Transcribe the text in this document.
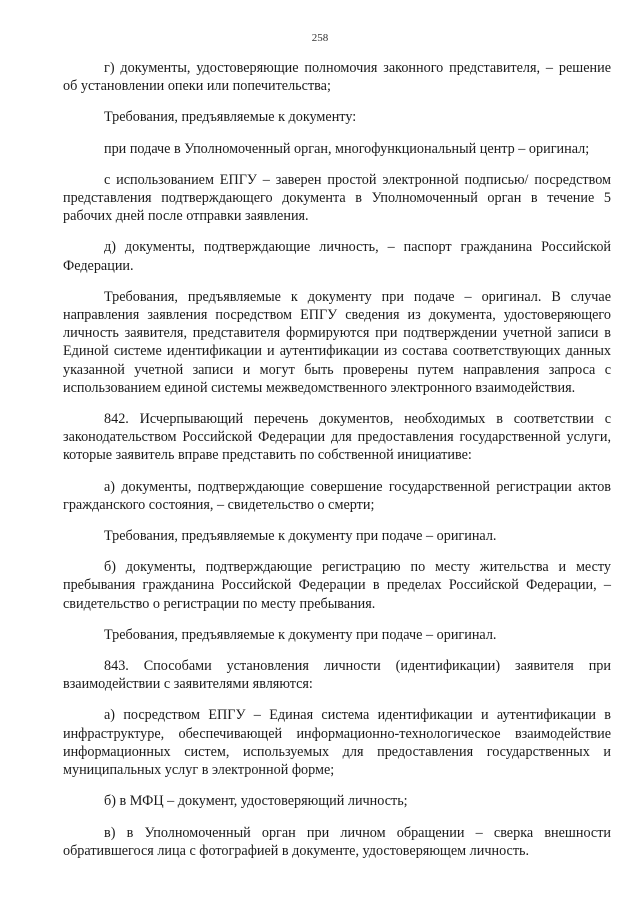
258

г) документы, удостоверяющие полномочия законного представителя, – решение об установлении опеки или попечительства;

Требования, предъявляемые к документу:

при подаче в Уполномоченный орган, многофункциональный центр – оригинал;

с использованием ЕПГУ – заверен простой электронной подписью/ посредством представления подтверждающего документа в Уполномоченный орган в течение 5 рабочих дней после отправки заявления.

д) документы, подтверждающие личность, – паспорт гражданина Российской Федерации.

Требования, предъявляемые к документу при подаче – оригинал. В случае направления заявления посредством ЕПГУ сведения из документа, удостоверяющего личность заявителя, представителя формируются при подтверждении учетной записи в Единой системе идентификации и аутентификации из состава соответствующих данных указанной учетной записи и могут быть проверены путем направления запроса с использованием единой системы межведомственного электронного взаимодействия.

842. Исчерпывающий перечень документов, необходимых в соответствии с законодательством Российской Федерации для предоставления государственной услуги, которые заявитель вправе представить по собственной инициативе:

а) документы, подтверждающие совершение государственной регистрации актов гражданского состояния, – свидетельство о смерти;

Требования, предъявляемые к документу при подаче – оригинал.

б) документы, подтверждающие регистрацию по месту жительства и месту пребывания гражданина Российской Федерации в пределах Российской Федерации, – свидетельство о регистрации по месту пребывания.

Требования, предъявляемые к документу при подаче – оригинал.

843. Способами установления личности (идентификации) заявителя при взаимодействии с заявителями являются:

а) посредством ЕПГУ – Единая система идентификации и аутентификации в инфраструктуре, обеспечивающей информационно-технологическое взаимодействие информационных систем, используемых для предоставления государственных и муниципальных услуг в электронной форме;

б) в МФЦ – документ, удостоверяющий личность;

в) в Уполномоченный орган при личном обращении – сверка внешности обратившегося лица с фотографией в документе, удостоверяющем личность.
